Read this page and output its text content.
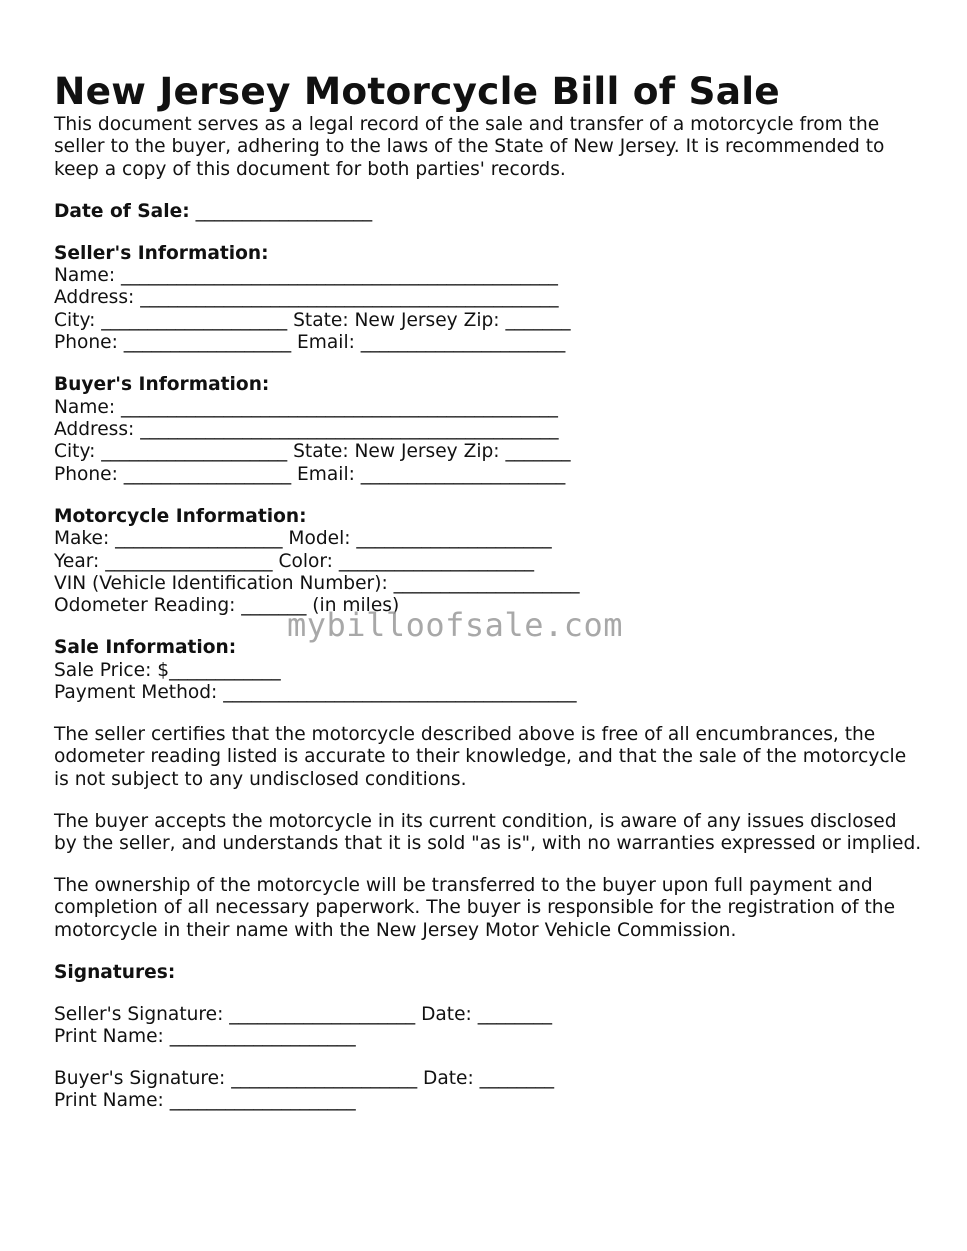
New Jersey Motorcycle Bill of Sale

This document serves as a legal record of the sale and transfer of a motorcycle from the seller to the buyer, adhering to the laws of the State of New Jersey. It is recommended to keep a copy of this document for both parties' records.

Date of Sale: ___________________
Seller's Information:
Name: _______________________________________________
Address: _____________________________________________
City: ____________________ State: New Jersey Zip: _______
Phone: __________________ Email: ______________________
Buyer's Information:
Name: _______________________________________________
Address: _____________________________________________
City: ____________________ State: New Jersey Zip: _______
Phone: __________________ Email: ______________________
Motorcycle Information:
Make: __________________ Model: _____________________
Year: __________________ Color: _____________________
VIN (Vehicle Identification Number): ____________________
Odometer Reading: _______ (in miles)
Sale Information:
Sale Price: $____________
Payment Method: ______________________________________

The seller certifies that the motorcycle described above is free of all encumbrances, the odometer reading listed is accurate to their knowledge, and that the sale of the motorcycle is not subject to any undisclosed conditions.

The buyer accepts the motorcycle in its current condition, is aware of any issues disclosed by the seller, and understands that it is sold "as is", with no warranties expressed or implied.

The ownership of the motorcycle will be transferred to the buyer upon full payment and completion of all necessary paperwork. The buyer is responsible for the registration of the motorcycle in their name with the New Jersey Motor Vehicle Commission.

Signatures:
Seller's Signature: ____________________ Date: ________
Print Name: ____________________
Buyer's Signature: ____________________ Date: ________
Print Name: ____________________
mybilloofsale.com
